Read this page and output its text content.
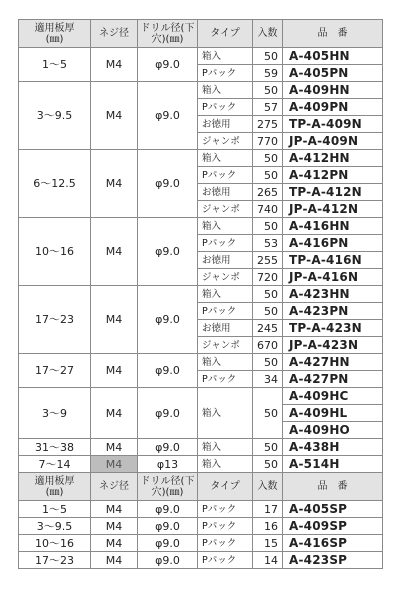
適用板厚
(㎜)	ネジ径	ドリル径(下
穴)(㎜)	タイプ	入数	品　番
1～5	M4	φ9.0	箱入	50	A-405HN
			Pパック	59	A-405PN
3～9.5	M4	φ9.0	箱入	50	A-409HN
			Pパック	57	A-409PN
			お徳用	275	TP-A-409N
			ジャンボ	770	JP-A-409N
6～12.5	M4	φ9.0	箱入	50	A-412HN
			Pパック	50	A-412PN
			お徳用	265	TP-A-412N
			ジャンボ	740	JP-A-412N
10～16	M4	φ9.0	箱入	50	A-416HN
			Pパック	53	A-416PN
			お徳用	255	TP-A-416N
			ジャンボ	720	JP-A-416N
17～23	M4	φ9.0	箱入	50	A-423HN
			Pパック	50	A-423PN
			お徳用	245	TP-A-423N
			ジャンボ	670	JP-A-423N
17～27	M4	φ9.0	箱入	50	A-427HN
			Pパック	34	A-427PN
3～9	M4	φ9.0	箱入	50	A-409HC
					A-409HL
					A-409HO
31～38	M4	φ9.0	箱入	50	A-438H
7～14	M4	φ13	箱入	50	A-514H
適用板厚
(㎜)	ネジ径	ドリル径(下
穴)(㎜)	タイプ	入数	品　番
1～5	M4	φ9.0	Pパック	17	A-405SP
3～9.5	M4	φ9.0	Pパック	16	A-409SP
10～16	M4	φ9.0	Pパック	15	A-416SP
17～23	M4	φ9.0	Pパック	14	A-423SP
